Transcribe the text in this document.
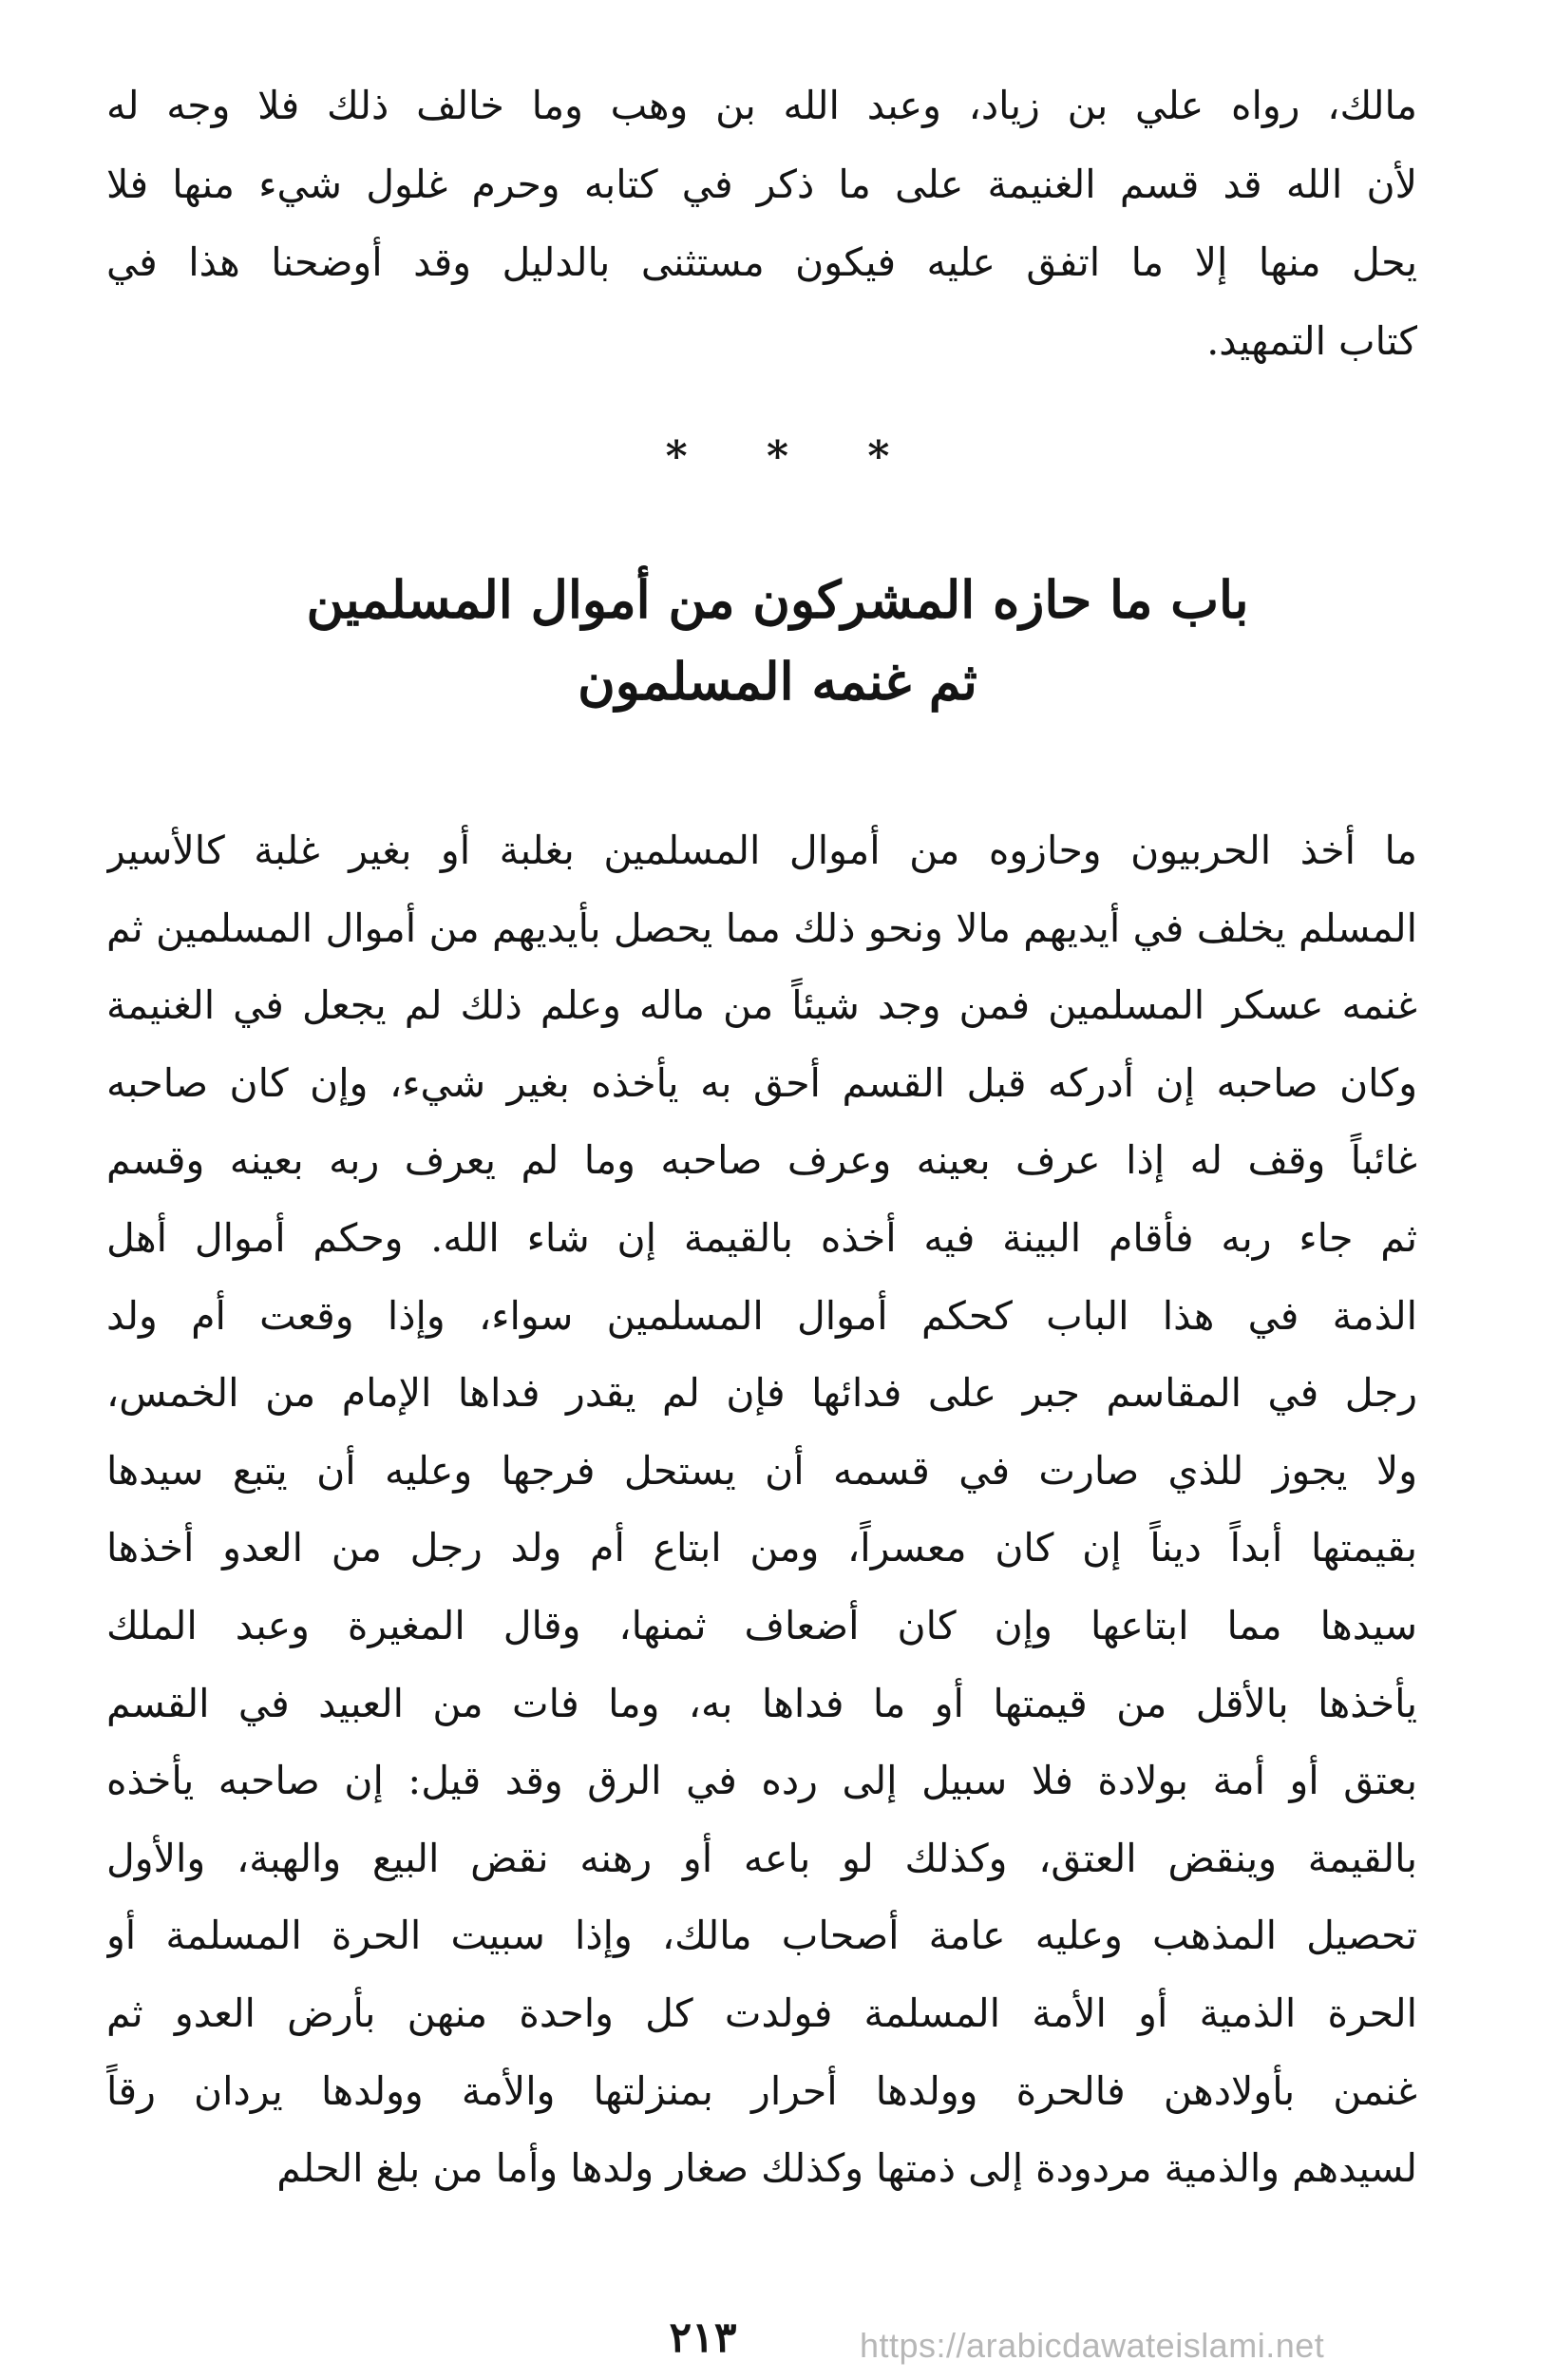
مالك، رواه علي بن زياد، وعبد الله بن وهب وما خالف ذلك فلا وجه له
لأن الله قد قسم الغنيمة على ما ذكر في كتابه وحرم غلول شيء منها فلا
يحل منها إلا ما اتفق عليه فيكون مستثنى بالدليل وقد أوضحنا هذا في
كتاب التمهيد.
* * *
باب ما حازه المشركون من أموال المسلمين
ثم غنمه المسلمون
ما أخذ الحربيون وحازوه من أموال المسلمين بغلبة أو بغير غلبة كالأسير
المسلم يخلف في أيديهم مالا ونحو ذلك مما يحصل بأيديهم من أموال المسلمين ثم
غنمه عسكر المسلمين فمن وجد شيئاً من ماله وعلم ذلك لم يجعل في الغنيمة
وكان صاحبه إن أدركه قبل القسم أحق به يأخذه بغير شيء، وإن كان صاحبه
غائباً وقف له إذا عرف بعينه وعرف صاحبه وما لم يعرف ربه بعينه وقسم
ثم جاء ربه فأقام البينة فيه أخذه بالقيمة إن شاء الله. وحكم أموال أهل
الذمة في هذا الباب كحكم أموال المسلمين سواء، وإذا وقعت أم ولد
رجل في المقاسم جبر على فدائها فإن لم يقدر فداها الإمام من الخمس،
ولا يجوز للذي صارت في قسمه أن يستحل فرجها وعليه أن يتبع سيدها
بقيمتها أبداً ديناً إن كان معسراً، ومن ابتاع أم ولد رجل من العدو أخذها
سيدها مما ابتاعها وإن كان أضعاف ثمنها، وقال المغيرة وعبد الملك
يأخذها بالأقل من قيمتها أو ما فداها به، وما فات من العبيد في القسم
بعتق أو أمة بولادة فلا سبيل إلى رده في الرق وقد قيل: إن صاحبه يأخذه
بالقيمة وينقض العتق، وكذلك لو باعه أو رهنه نقض البيع والهبة، والأول
تحصيل المذهب وعليه عامة أصحاب مالك، وإذا سبيت الحرة المسلمة أو
الحرة الذمية أو الأمة المسلمة فولدت كل واحدة منهن بأرض العدو ثم
غنمن بأولادهن فالحرة وولدها أحرار بمنزلتها والأمة وولدها يردان رقاً
لسيدهم والذمية مردودة إلى ذمتها وكذلك صغار ولدها وأما من بلغ الحلم
٢١٣	https://arabicdawateislami.net
